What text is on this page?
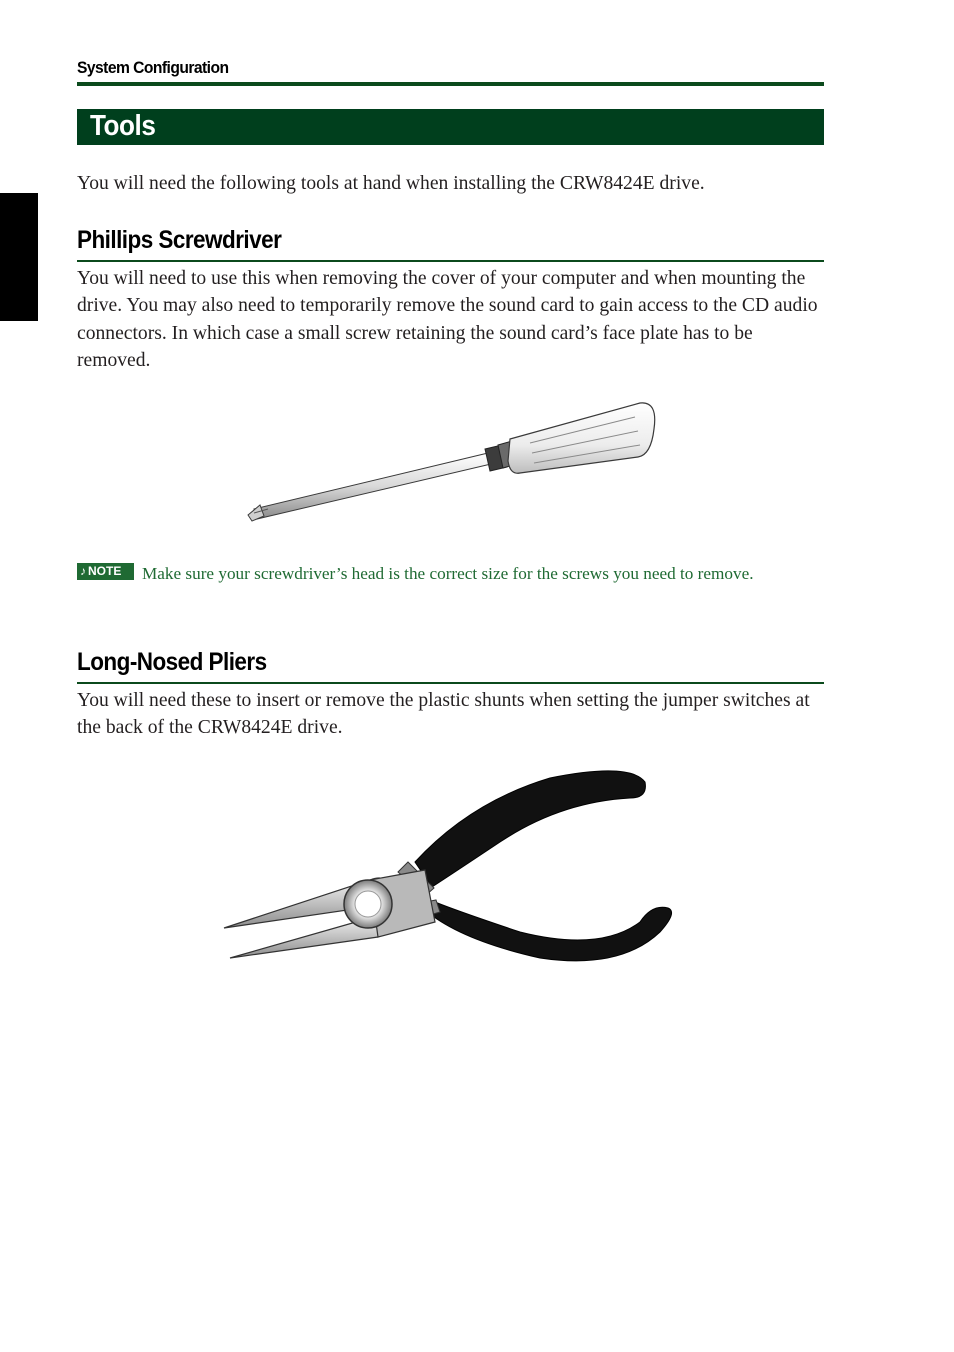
System Configuration
Tools
You will need the following tools at hand when installing the CRW8424E drive.
Phillips Screwdriver
You will need to use this when removing the cover of your computer and when mounting the drive. You may also need to temporarily remove the sound card to gain access to the CD audio connectors. In which case a small screw retaining the sound card’s face plate has to be removed.
♪ NOTE Make sure your screwdriver’s head is the correct size for the screws you need to remove.
Long-Nosed Pliers
You will need these to insert or remove the plastic shunts when setting the jumper switches at the back of the CRW8424E drive.
